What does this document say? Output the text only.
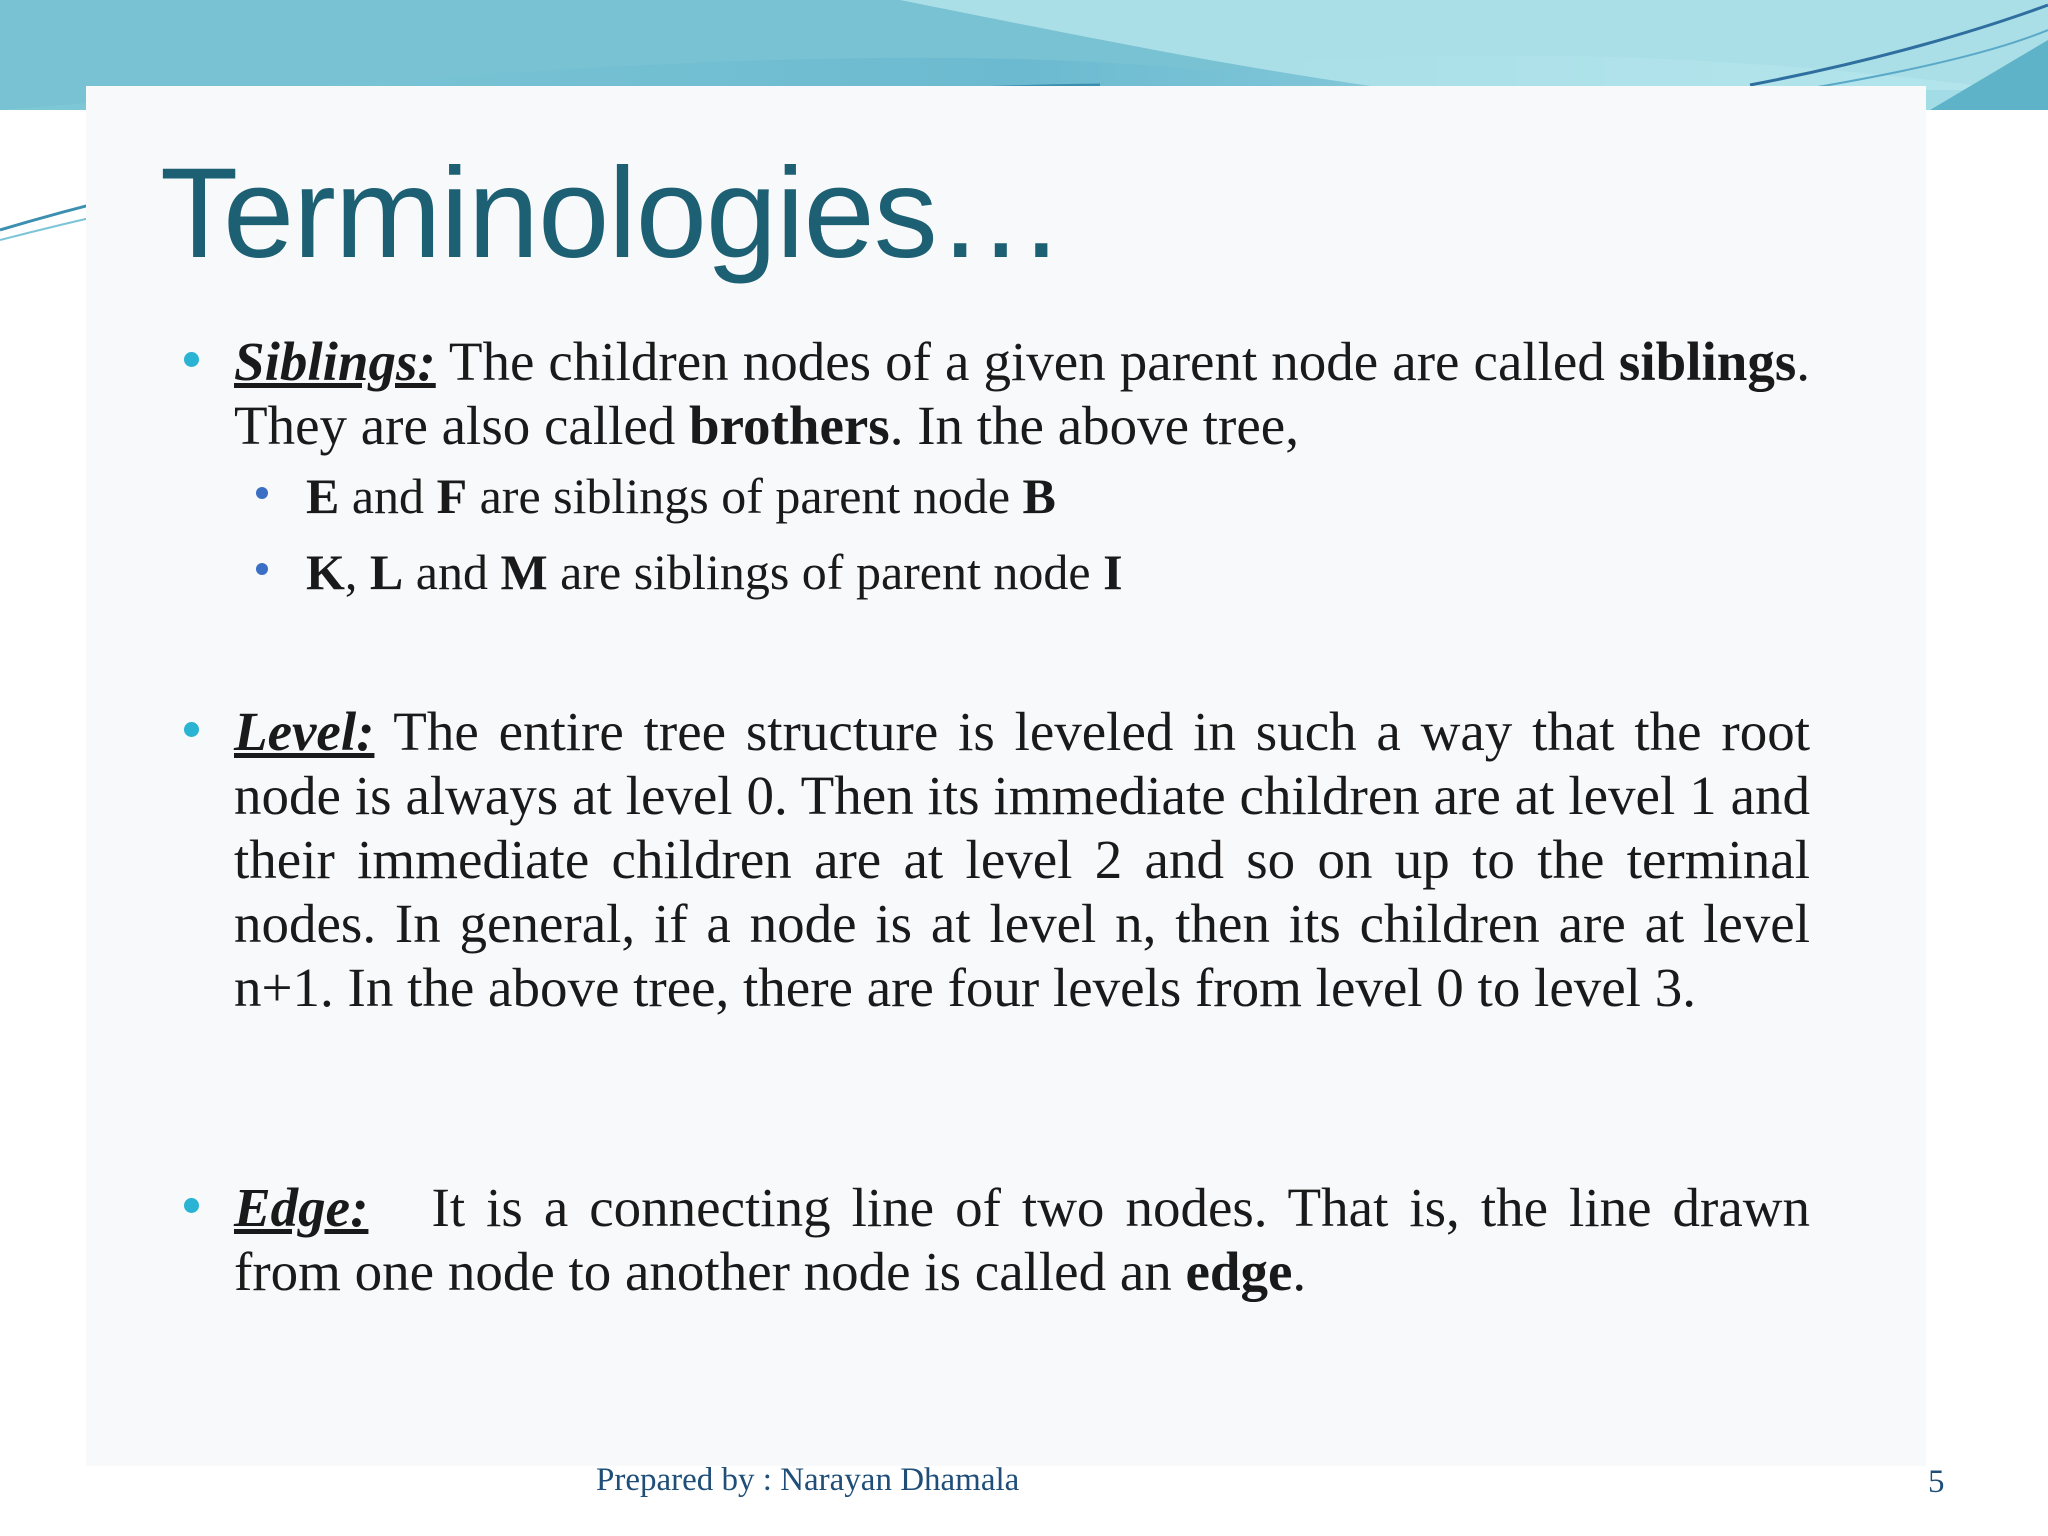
Terminologies…

Siblings: The children nodes of a given parent node are called siblings. They are also called brothers. In the above tree,

E and F are siblings of parent node B

K, L and M are siblings of parent node I

Level: The entire tree structure is leveled in such a way that the root node is always at level 0. Then its immediate children are at level 1 and their immediate children are at level 2 and so on up to the terminal nodes. In general, if a node is at level n, then its children are at level n+1. In the above tree, there are four levels from level 0 to level 3.

Edge:   It is a connecting line of two nodes. That is, the line drawn from one node to another node is called an edge.

Prepared by : Narayan Dhamala	5
